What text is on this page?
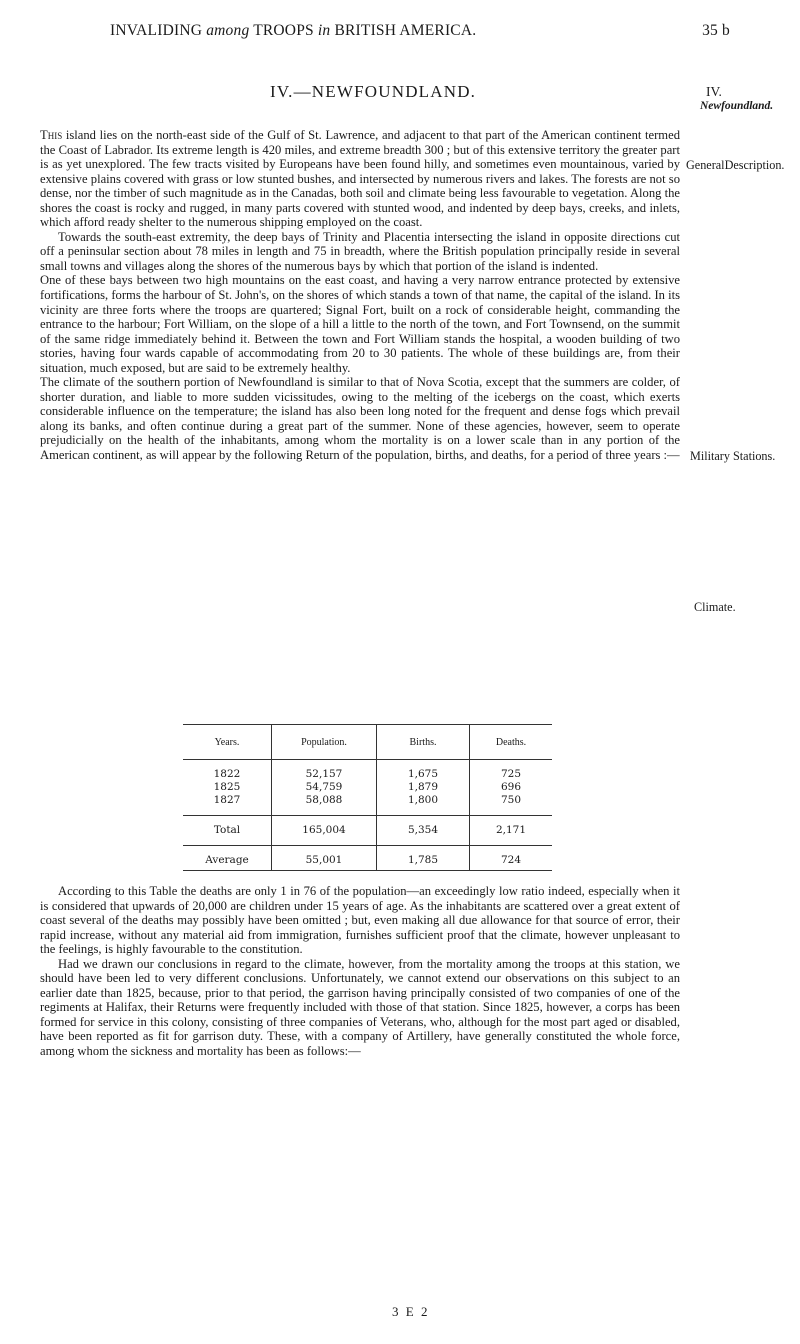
INVALIDING among TROOPS in BRITISH AMERICA.	35 b
IV.—NEWFOUNDLAND.	IV.
Newfoundland.
GeneralDescription.
Military Stations.
Climate.

This island lies on the north-east side of the Gulf of St. Lawrence, and adjacent to that part of the American continent termed the Coast of Labrador. Its extreme length is 420 miles, and extreme breadth 300 ; but of this extensive territory the greater part is as yet unexplored. The few tracts visited by Europeans have been found hilly, and sometimes even mountainous, varied by extensive plains covered with grass or low stunted bushes, and intersected by numerous rivers and lakes. The forests are not so dense, nor the timber of such magnitude as in the Canadas, both soil and climate being less favourable to vegetation. Along the shores the coast is rocky and rugged, in many parts covered with stunted wood, and indented by deep bays, creeks, and inlets, which afford ready shelter to the numerous shipping employed on the coast.

Towards the south-east extremity, the deep bays of Trinity and Placentia intersecting the island in opposite directions cut off a peninsular section about 78 miles in length and 75 in breadth, where the British population principally reside in several small towns and villages along the shores of the numerous bays by which that portion of the island is indented.

One of these bays between two high mountains on the east coast, and having a very narrow entrance protected by extensive fortifications, forms the harbour of St. John's, on the shores of which stands a town of that name, the capital of the island. In its vicinity are three forts where the troops are quartered; Signal Fort, built on a rock of considerable height, commanding the entrance to the harbour; Fort William, on the slope of a hill a little to the north of the town, and Fort Townsend, on the summit of the same ridge immediately behind it. Between the town and Fort William stands the hospital, a wooden building of two stories, having four wards capable of accommodating from 20 to 30 patients. The whole of these buildings are, from their situation, much exposed, but are said to be extremely healthy.

The climate of the southern portion of Newfoundland is similar to that of Nova Scotia, except that the summers are colder, of shorter duration, and liable to more sudden vicissitudes, owing to the melting of the icebergs on the coast, which exerts considerable influence on the temperature; the island has also been long noted for the frequent and dense fogs which prevail along its banks, and often continue during a great part of the summer. None of these agencies, however, seem to operate prejudicially on the health of the inhabitants, among whom the mortality is on a lower scale than in any portion of the American continent, as will appear by the following Return of the population, births, and deaths, for a period of three years :—

Years.	Population.	Births.	Deaths.

1822	52,157	1,675	725
1825	54,759	1,879	696
1827	58,088	1,800	750

Total	165,004	5,354	2,171

Average	55,001	1,785	724

According to this Table the deaths are only 1 in 76 of the population—an exceedingly low ratio indeed, especially when it is considered that upwards of 20,000 are children under 15 years of age. As the inhabitants are scattered over a great extent of coast several of the deaths may possibly have been omitted ; but, even making all due allowance for that source of error, their rapid increase, without any material aid from immigration, furnishes sufficient proof that the climate, however unpleasant to the feelings, is highly favourable to the constitution.

Had we drawn our conclusions in regard to the climate, however, from the mortality among the troops at this station, we should have been led to very different conclusions. Unfortunately, we cannot extend our observations on this subject to an earlier date than 1825, because, prior to that period, the garrison having principally consisted of two companies of one of the regiments at Halifax, their Returns were frequently included with those of that station. Since 1825, however, a corps has been formed for service in this colony, consisting of three companies of Veterans, who, although for the most part aged or disabled, have been reported as fit for garrison duty. These, with a company of Artillery, have generally constituted the whole force, among whom the sickness and mortality has been as follows:—

3 E 2
